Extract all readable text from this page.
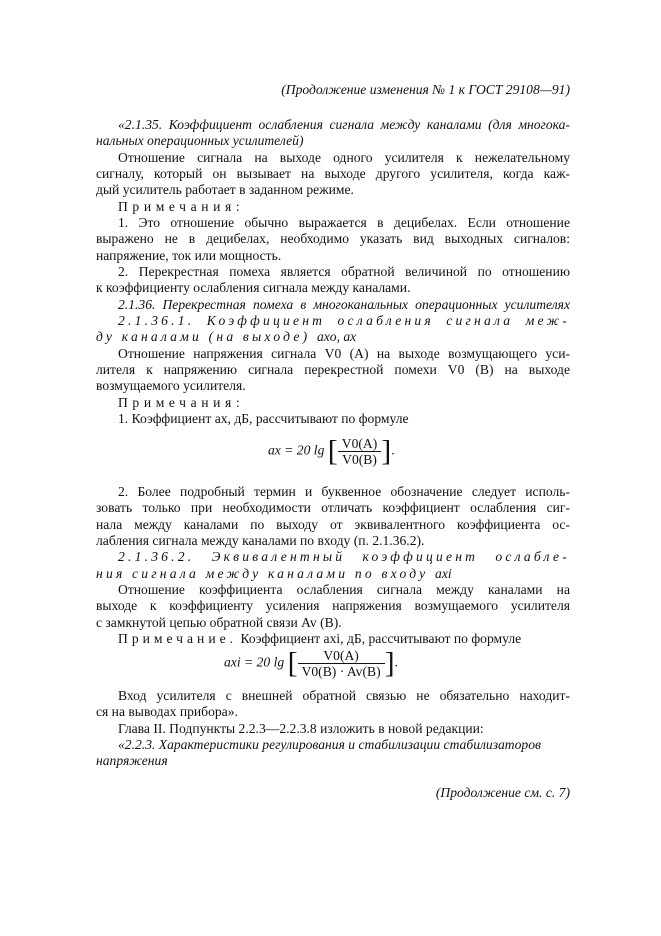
(Продолжение изменения № 1 к ГОСТ 29108—91)
«2.1.35. Коэффициент ослабления сигнала между каналами (для многока-
нальных операционных усилителей)
Отношение сигнала на выходе одного усилителя к нежелательному
сигналу, который он вызывает на выходе другого усилителя, когда каж-
дый усилитель работает в заданном режиме.
Примечания:
1. Это отношение обычно выражается в децибелах. Если отношение
выражено не в децибелах, необходимо указать вид выходных сигналов:
напряжение, ток или мощность.
2. Перекрестная помеха является обратной величиной по отношению
к коэффициенту ослабления сигнала между каналами.
2.1.36. Перекрестная помеха в многоканальных операционных усилителях
2.1.36.1. Коэффициент ослабления сигнала меж-
ду каналами (на выходе) axo, ax
Отношение напряжения сигнала V0 (A) на выходе возмущающего уси-
лителя к напряжению сигнала перекрестной помехи V0 (B) на выходе
возмущаемого усилителя.
Примечания:
1. Коэффициент ax, дБ, рассчитывают по формуле
ax = 20 lg [ $\frac{V0(A)}{V0(B)}$ ].
2. Более подробный термин и буквенное обозначение следует исполь-
зовать только при необходимости отличать коэффициент ослабления сиг-
нала между каналами по выходу от эквивалентного коэффициента ос-
лабления сигнала между каналами по входу (п. 2.1.36.2).
2.1.36.2. Эквивалентный коэффициент ослабле-
ния сигнала между каналами по входу axi
Отношение коэффициента ослабления сигнала между каналами на
выходе к коэффициенту усиления напряжения возмущаемого усилителя
с замкнутой цепью обратной связи Av (B).
Примечание. Коэффициент axi, дБ, рассчитывают по формуле
axi = 20 lg [ $\frac{V0(A)}{V0(B) \cdot Av(B)}$ ].
Вход усилителя с внешней обратной связью не обязательно находит-
ся на выводах прибора».
Глава II. Подпункты 2.2.3—2.2.3.8 изложить в новой редакции:
«2.2.3. Характеристики регулирования и стабилизации стабилизаторов
напряжения
(Продолжение см. с. 7)
